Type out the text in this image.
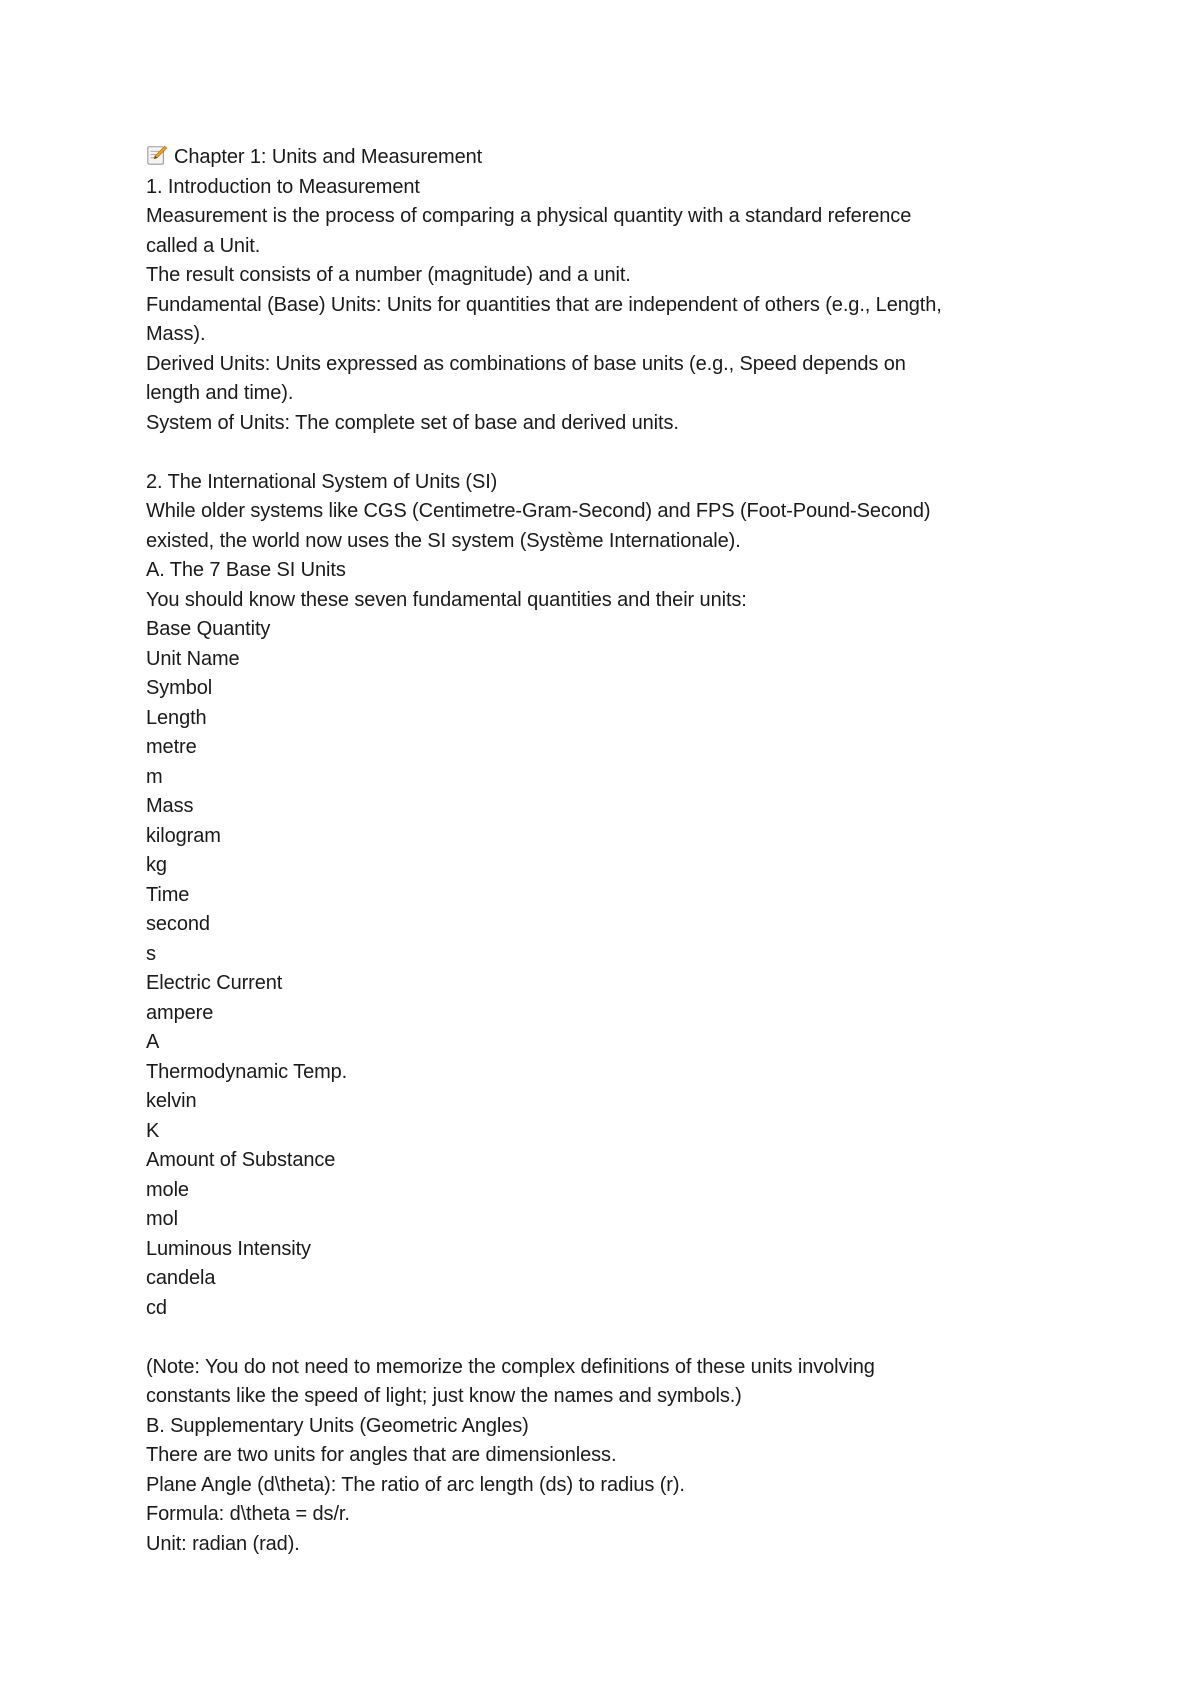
Chapter 1: Units and Measurement
1. Introduction to Measurement
Measurement is the process of comparing a physical quantity with a standard reference
called a Unit.
The result consists of a number (magnitude) and a unit.
Fundamental (Base) Units: Units for quantities that are independent of others (e.g., Length,
Mass).
Derived Units: Units expressed as combinations of base units (e.g., Speed depends on
length and time).
System of Units: The complete set of base and derived units.
2. The International System of Units (SI)
While older systems like CGS (Centimetre-Gram-Second) and FPS (Foot-Pound-Second)
existed, the world now uses the SI system (Système Internationale).
A. The 7 Base SI Units
You should know these seven fundamental quantities and their units:
Base Quantity
Unit Name
Symbol
Length
metre
m
Mass
kilogram
kg
Time
second
s
Electric Current
ampere
A
Thermodynamic Temp.
kelvin
K
Amount of Substance
mole
mol
Luminous Intensity
candela
cd
(Note: You do not need to memorize the complex definitions of these units involving
constants like the speed of light; just know the names and symbols.)
B. Supplementary Units (Geometric Angles)
There are two units for angles that are dimensionless.
Plane Angle (d\theta): The ratio of arc length (ds) to radius (r).
Formula: d\theta = ds/r.
Unit: radian (rad).
